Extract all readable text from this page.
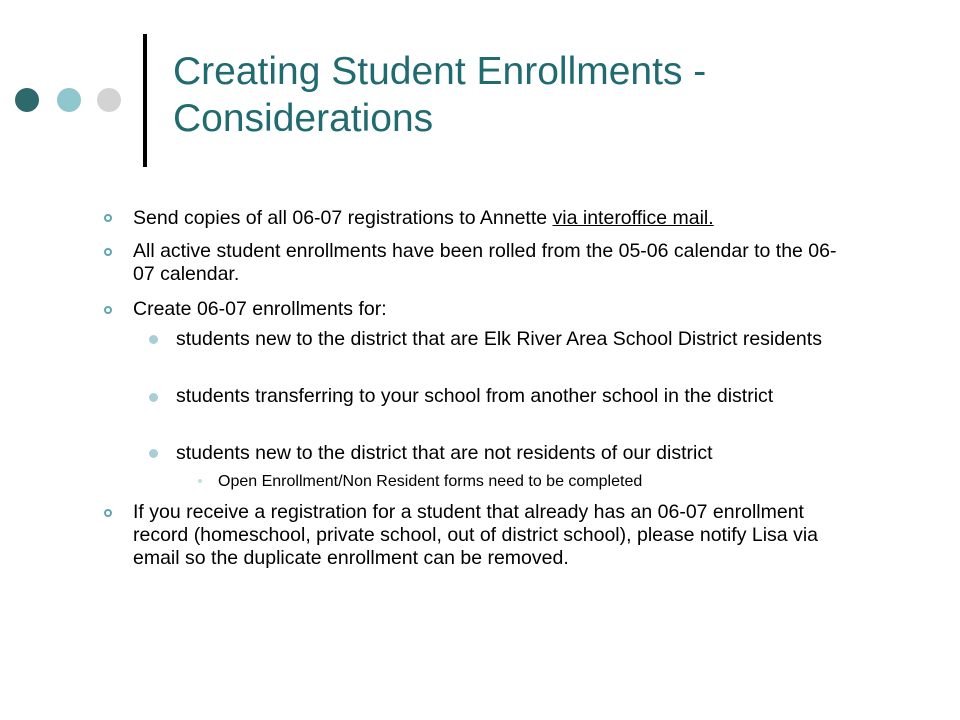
Creating Student Enrollments - Considerations
Send copies of all 06-07 registrations to Annette via interoffice mail.
All active student enrollments have been rolled from the 05-06 calendar to the 06-07 calendar.
Create 06-07 enrollments for:
students new to the district that are Elk River Area School District residents
students transferring to your school from another school in the district
students new to the district that are not residents of our district
Open Enrollment/Non Resident forms need to be completed
If you receive a registration for a student that already has an 06-07 enrollment record (homeschool, private school, out of district school), please notify Lisa via email so the duplicate enrollment can be removed.
